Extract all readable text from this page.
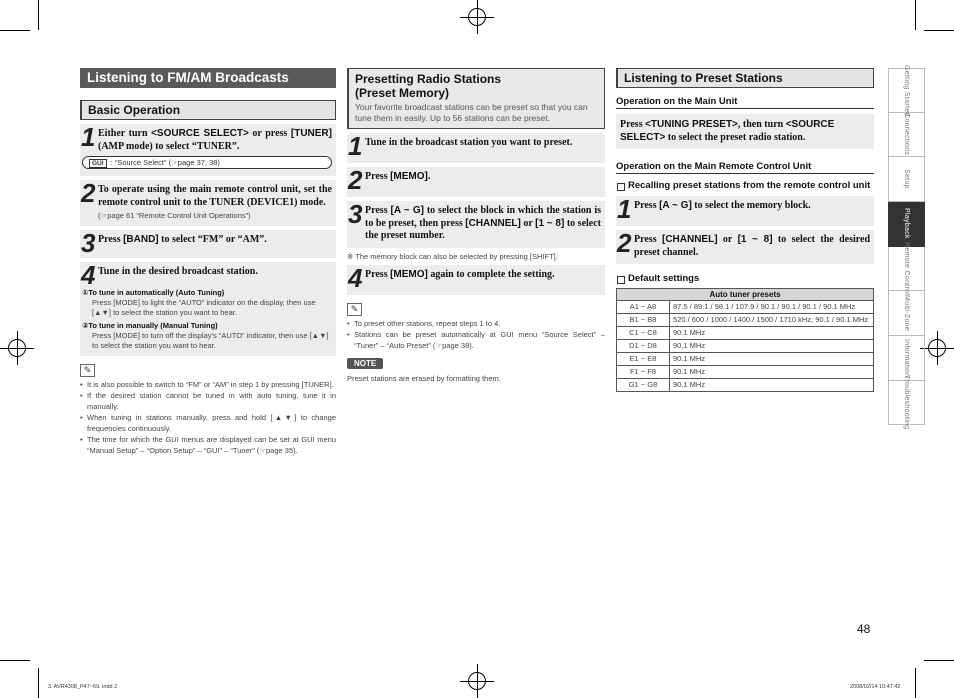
Listening to FM/AM Broadcasts
Basic Operation
1 Either turn <SOURCE SELECT> or press [TUNER] (AMP mode) to select “TUNER”.
GUI : “Source Select” (☞page 37, 38)
2 To operate using the main remote control unit, set the remote control unit to the TUNER (DEVICE1) mode.
(☞page 61 “Remote Control Unit Operations”)
3 Press [BAND] to select “FM” or “AM”.
4 Tune in the desired broadcast station.
①To tune in automatically (Auto Tuning)
Press [MODE] to light the “AUTO” indicator on the display, then use [▲▼] to select the station you want to hear.
②To tune in manually (Manual Tuning)
Press [MODE] to turn off the display’s “AUTO” indicator, then use [▲▼] to select the station you want to hear.
✎
• It is also possible to switch to “FM” or “AM” in step 1 by pressing [TUNER].
• If the desired station cannot be tuned in with auto tuning, tune it in manually.
• When tuning in stations manually, press and hold [▲▼] to change frequencies continuously.
• The time for which the GUI menus are displayed can be set at GUI menu “Manual Setup” – “Option Setup” – “GUI” – “Tuner” (☞page 35).
Presetting Radio Stations
(Preset Memory)
Your favorite broadcast stations can be preset so that you can tune them in easily. Up to 56 stations can be preset.
1 Tune in the broadcast station you want to preset.
2 Press [MEMO].
3 Press [A ~ G] to select the block in which the station is to be preset, then press [CHANNEL] or [1 ~ 8] to select the preset number.
※ The memory block can also be selected by pressing [SHIFT].
4 Press [MEMO] again to complete the setting.
✎
• To preset other stations, repeat steps 1 to 4.
• Stations can be preset automatically at GUI menu “Source Select” – “Tuner” – “Auto Preset” (☞page 38).
NOTE
Preset stations are erased by formatting them.
Listening to Preset Stations
Operation on the Main Unit
Press <TUNING PRESET>, then turn <SOURCE SELECT> to select the preset radio station.
Operation on the Main Remote Control Unit
Recalling preset stations from the remote control unit
1 Press [A ~ G] to select the memory block.
2 Press [CHANNEL] or [1 ~ 8] to select the desired preset channel.
Default settings
Auto tuner presets	
A1 ~ A8	87.5 / 89.1 / 98.1 / 107.9 / 90.1 / 90.1 / 90.1 / 90.1 MHz
B1 ~ B8	520 / 600 / 1000 / 1400 / 1500 / 1710 kHz, 90.1 / 90.1 MHz
C1 ~ C8	90.1 MHz
D1 ~ D8	90.1 MHz
E1 ~ E8	90.1 MHz
F1 ~ F8	90.1 MHz
G1 ~ G8	90.1 MHz
Getting Started
Connections
Setup
Playback
Remote Control
Multi-Zone
Information
Troubleshooting
48
3. AVR4308_P47~69. indd 2	2008/02/14 10:47:42
